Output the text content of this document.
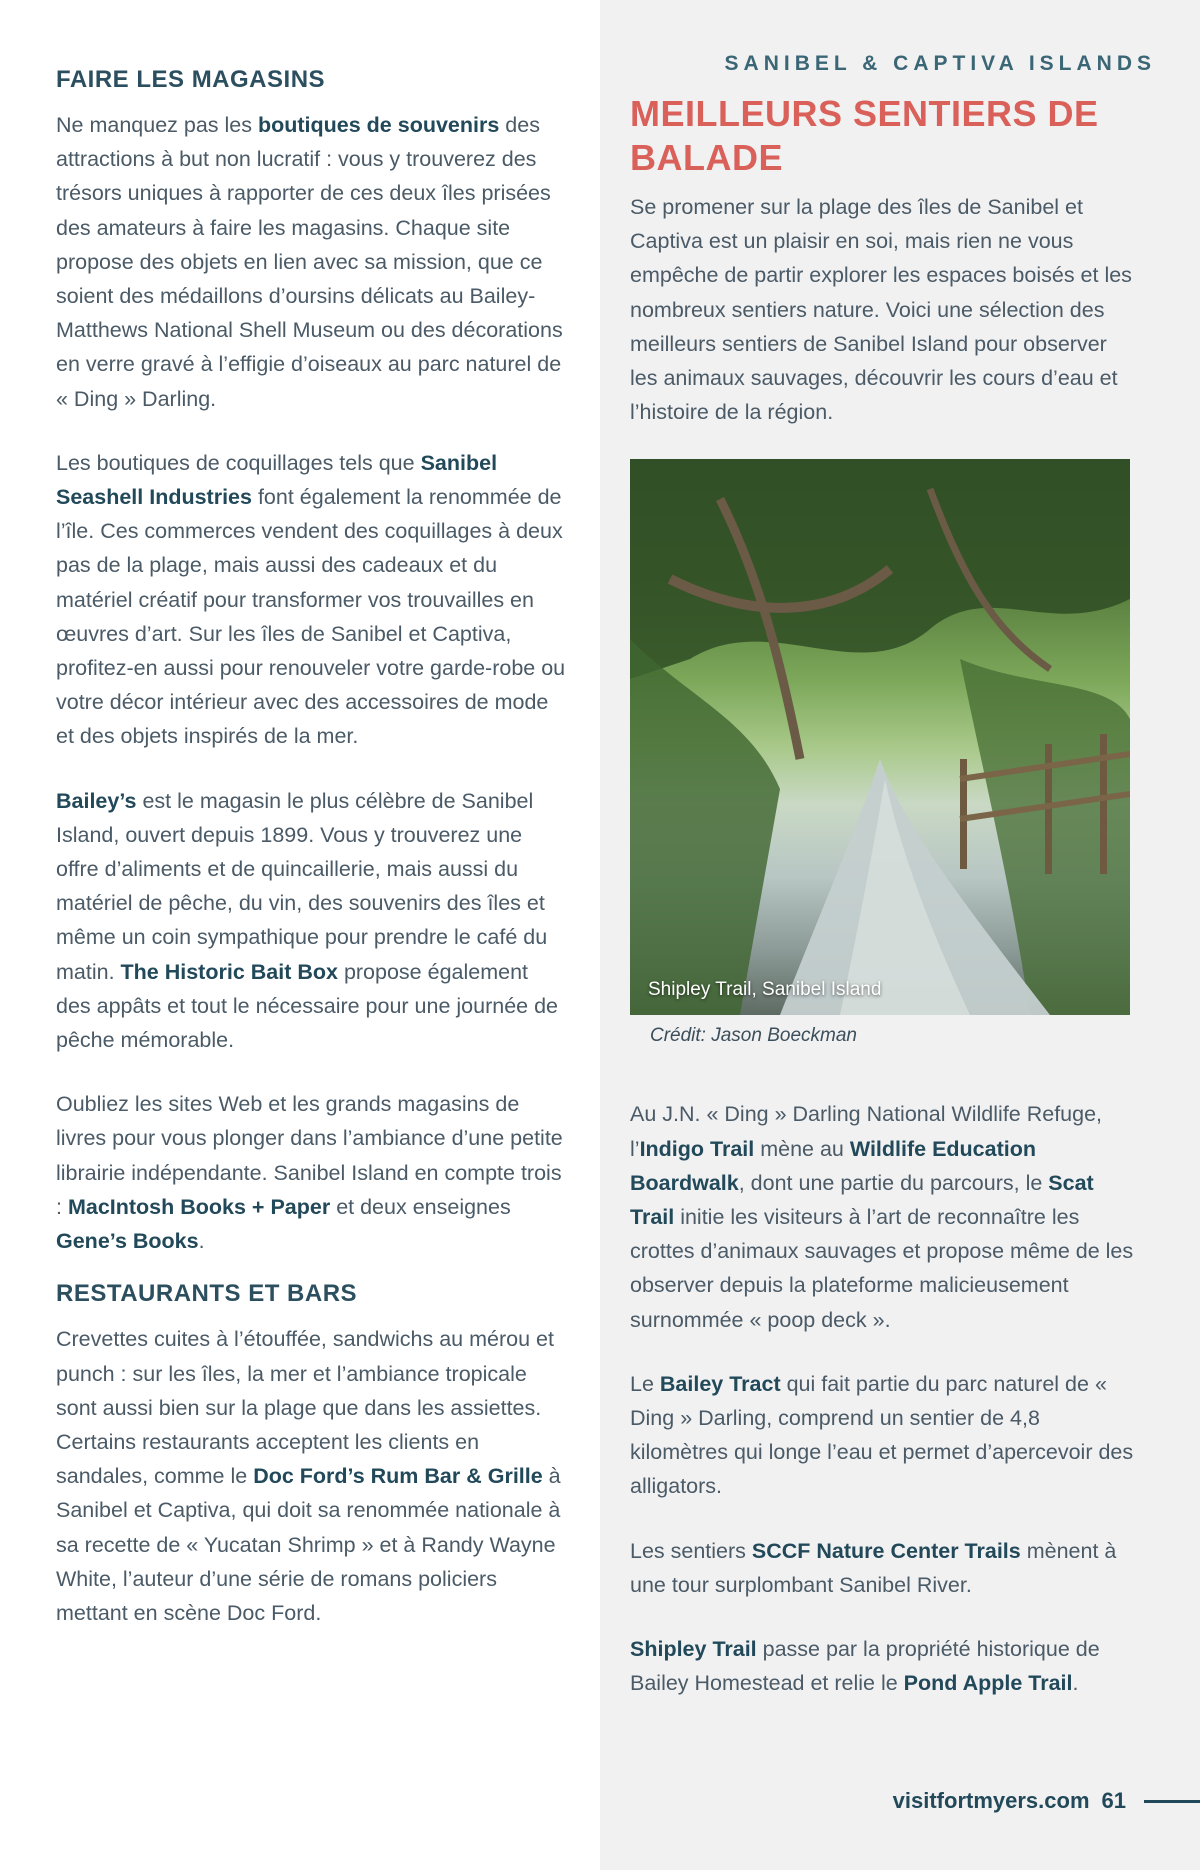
FAIRE LES MAGASINS

Ne manquez pas les boutiques de souvenirs des attractions à but non lucratif : vous y trouverez des trésors uniques à rapporter de ces deux îles prisées des amateurs à faire les magasins. Chaque site propose des objets en lien avec sa mission, que ce soient des médaillons d’oursins délicats au Bailey-Matthews National Shell Museum ou des décorations en verre gravé à l’effigie d’oiseaux au parc naturel de « Ding » Darling.

Les boutiques de coquillages tels que Sanibel Seashell Industries font également la renommée de l’île. Ces commerces vendent des coquillages à deux pas de la plage, mais aussi des cadeaux et du matériel créatif pour transformer vos trouvailles en œuvres d’art. Sur les îles de Sanibel et Captiva, profitez-en aussi pour renouveler votre garde-robe ou votre décor intérieur avec des accessoires de mode et des objets inspirés de la mer.

Bailey’s est le magasin le plus célèbre de Sanibel Island, ouvert depuis 1899. Vous y trouverez une offre d’aliments et de quincaillerie, mais aussi du matériel de pêche, du vin, des souvenirs des îles et même un coin sympathique pour prendre le café du matin. The Historic Bait Box propose également des appâts et tout le nécessaire pour une journée de pêche mémorable.

Oubliez les sites Web et les grands magasins de livres pour vous plonger dans l’ambiance d’une petite librairie indépendante. Sanibel Island en compte trois : MacIntosh Books + Paper et deux enseignes Gene’s Books.

RESTAURANTS ET BARS

Crevettes cuites à l’étouffée, sandwichs au mérou et punch : sur les îles, la mer et l’ambiance tropicale sont aussi bien sur la plage que dans les assiettes. Certains restaurants acceptent les clients en sandales, comme le Doc Ford’s Rum Bar & Grille à Sanibel et Captiva, qui doit sa renommée nationale à sa recette de « Yucatan Shrimp » et à Randy Wayne White, l’auteur d’une série de romans policiers mettant en scène Doc Ford.

SANIBEL & CAPTIVA ISLANDS
MEILLEURS SENTIERS DE BALADE

Se promener sur la plage des îles de Sanibel et Captiva est un plaisir en soi, mais rien ne vous empêche de partir explorer les espaces boisés et les nombreux sentiers nature. Voici une sélection des meilleurs sentiers de Sanibel Island pour observer les animaux sauvages, découvrir les cours d’eau et l’histoire de la région.

Shipley Trail, Sanibel Island
Crédit: Jason Boeckman

Au J.N. « Ding » Darling National Wildlife Refuge, l’Indigo Trail mène au Wildlife Education Boardwalk, dont une partie du parcours, le Scat Trail initie les visiteurs à l’art de reconnaître les crottes d’animaux sauvages et propose même de les observer depuis la plateforme malicieusement surnommée « poop deck ».

Le Bailey Tract qui fait partie du parc naturel de « Ding » Darling, comprend un sentier de 4,8 kilomètres qui longe l’eau et permet d’apercevoir des alligators.

Les sentiers SCCF Nature Center Trails mènent à une tour surplombant Sanibel River.

Shipley Trail passe par la propriété historique de Bailey Homestead et relie le Pond Apple Trail.

visitfortmyers.com 61
